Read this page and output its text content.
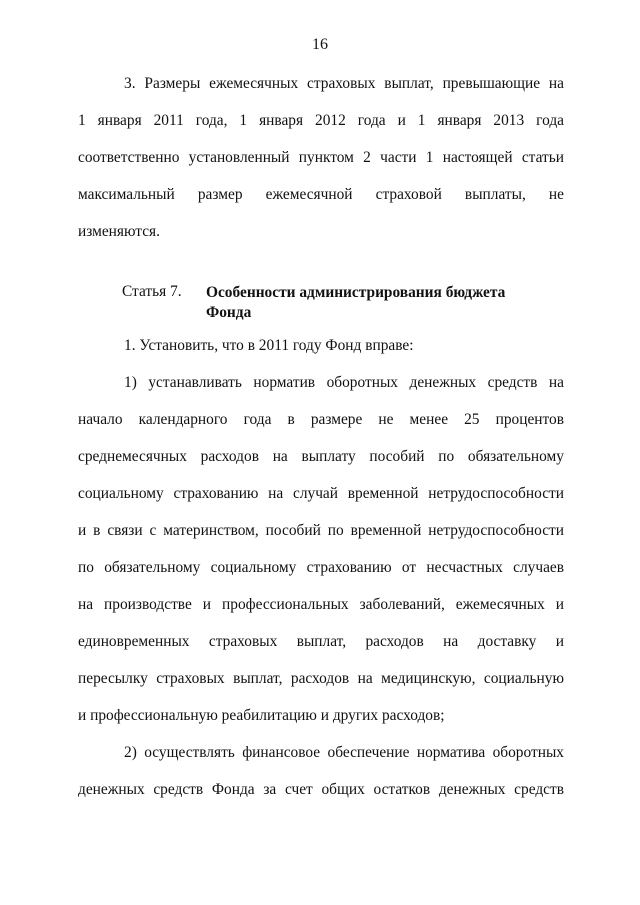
16
3. Размеры ежемесячных страховых выплат, превышающие на
1 января 2011 года, 1 января 2012 года и 1 января 2013 года
соответственно установленный пунктом 2 части 1 настоящей статьи
максимальный размер ежемесячной страховой выплаты, не
изменяются.
Статья 7. Особенности администрирования бюджета
Фонда
1. Установить, что в 2011 году Фонд вправе:
1) устанавливать норматив оборотных денежных средств на
начало календарного года в размере не менее 25 процентов
среднемесячных расходов на выплату пособий по обязательному
социальному страхованию на случай временной нетрудоспособности
и в связи с материнством, пособий по временной нетрудоспособности
по обязательному социальному страхованию от несчастных случаев
на производстве и профессиональных заболеваний, ежемесячных и
единовременных страховых выплат, расходов на доставку и
пересылку страховых выплат, расходов на медицинскую, социальную
и профессиональную реабилитацию и других расходов;
2) осуществлять финансовое обеспечение норматива оборотных
денежных средств Фонда за счет общих остатков денежных средств
